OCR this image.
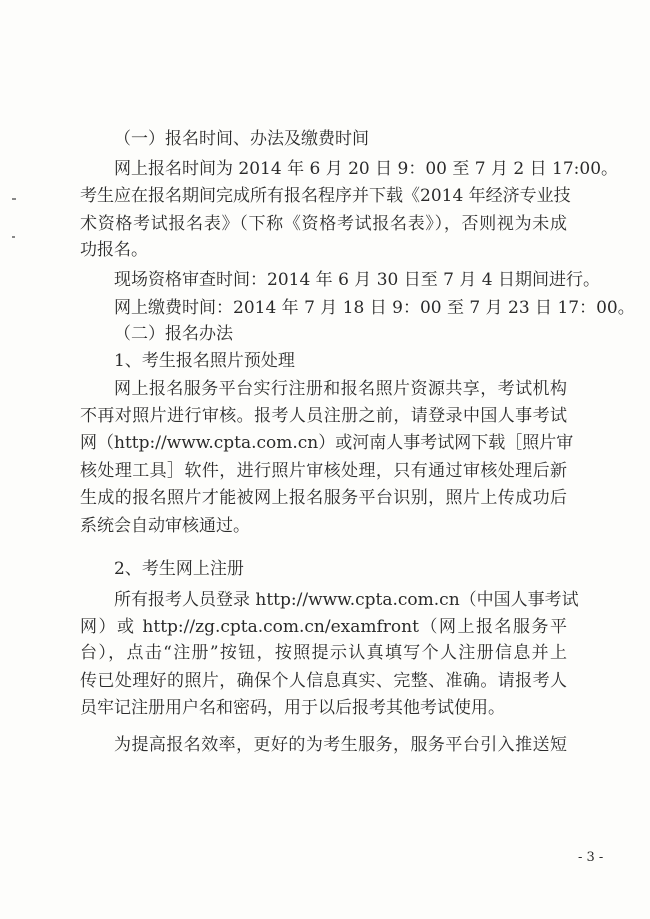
（一）报名时间、办法及缴费时间
网上报名时间为 2014 年 6 月 20 日 9：00 至 7 月 2 日 17:00。
考生应在报名期间完成所有报名程序并下载《2014 年经济专业技
术资格考试报名表》（下称《资格考试报名表》），否则视为未成
功报名。
现场资格审查时间：2014 年 6 月 30 日至 7 月 4 日期间进行。
网上缴费时间：2014 年 7 月 18 日 9：00 至 7 月 23 日 17：00。
（二）报名办法
1、考生报名照片预处理
网上报名服务平台实行注册和报名照片资源共享，考试机构
不再对照片进行审核。报考人员注册之前，请登录中国人事考试
网（http://www.cpta.com.cn）或河南人事考试网下载［照片审
核处理工具］软件，进行照片审核处理，只有通过审核处理后新
生成的报名照片才能被网上报名服务平台识别，照片上传成功后
系统会自动审核通过。
2、考生网上注册
所有报考人员登录 http://www.cpta.com.cn（中国人事考试
网）或 http://zg.cpta.com.cn/examfront（网上报名服务平
台），点击“注册”按钮，按照提示认真填写个人注册信息并上
传已处理好的照片，确保个人信息真实、完整、准确。请报考人
员牢记注册用户名和密码，用于以后报考其他考试使用。
为提高报名效率，更好的为考生服务，服务平台引入推送短
- 3 -
